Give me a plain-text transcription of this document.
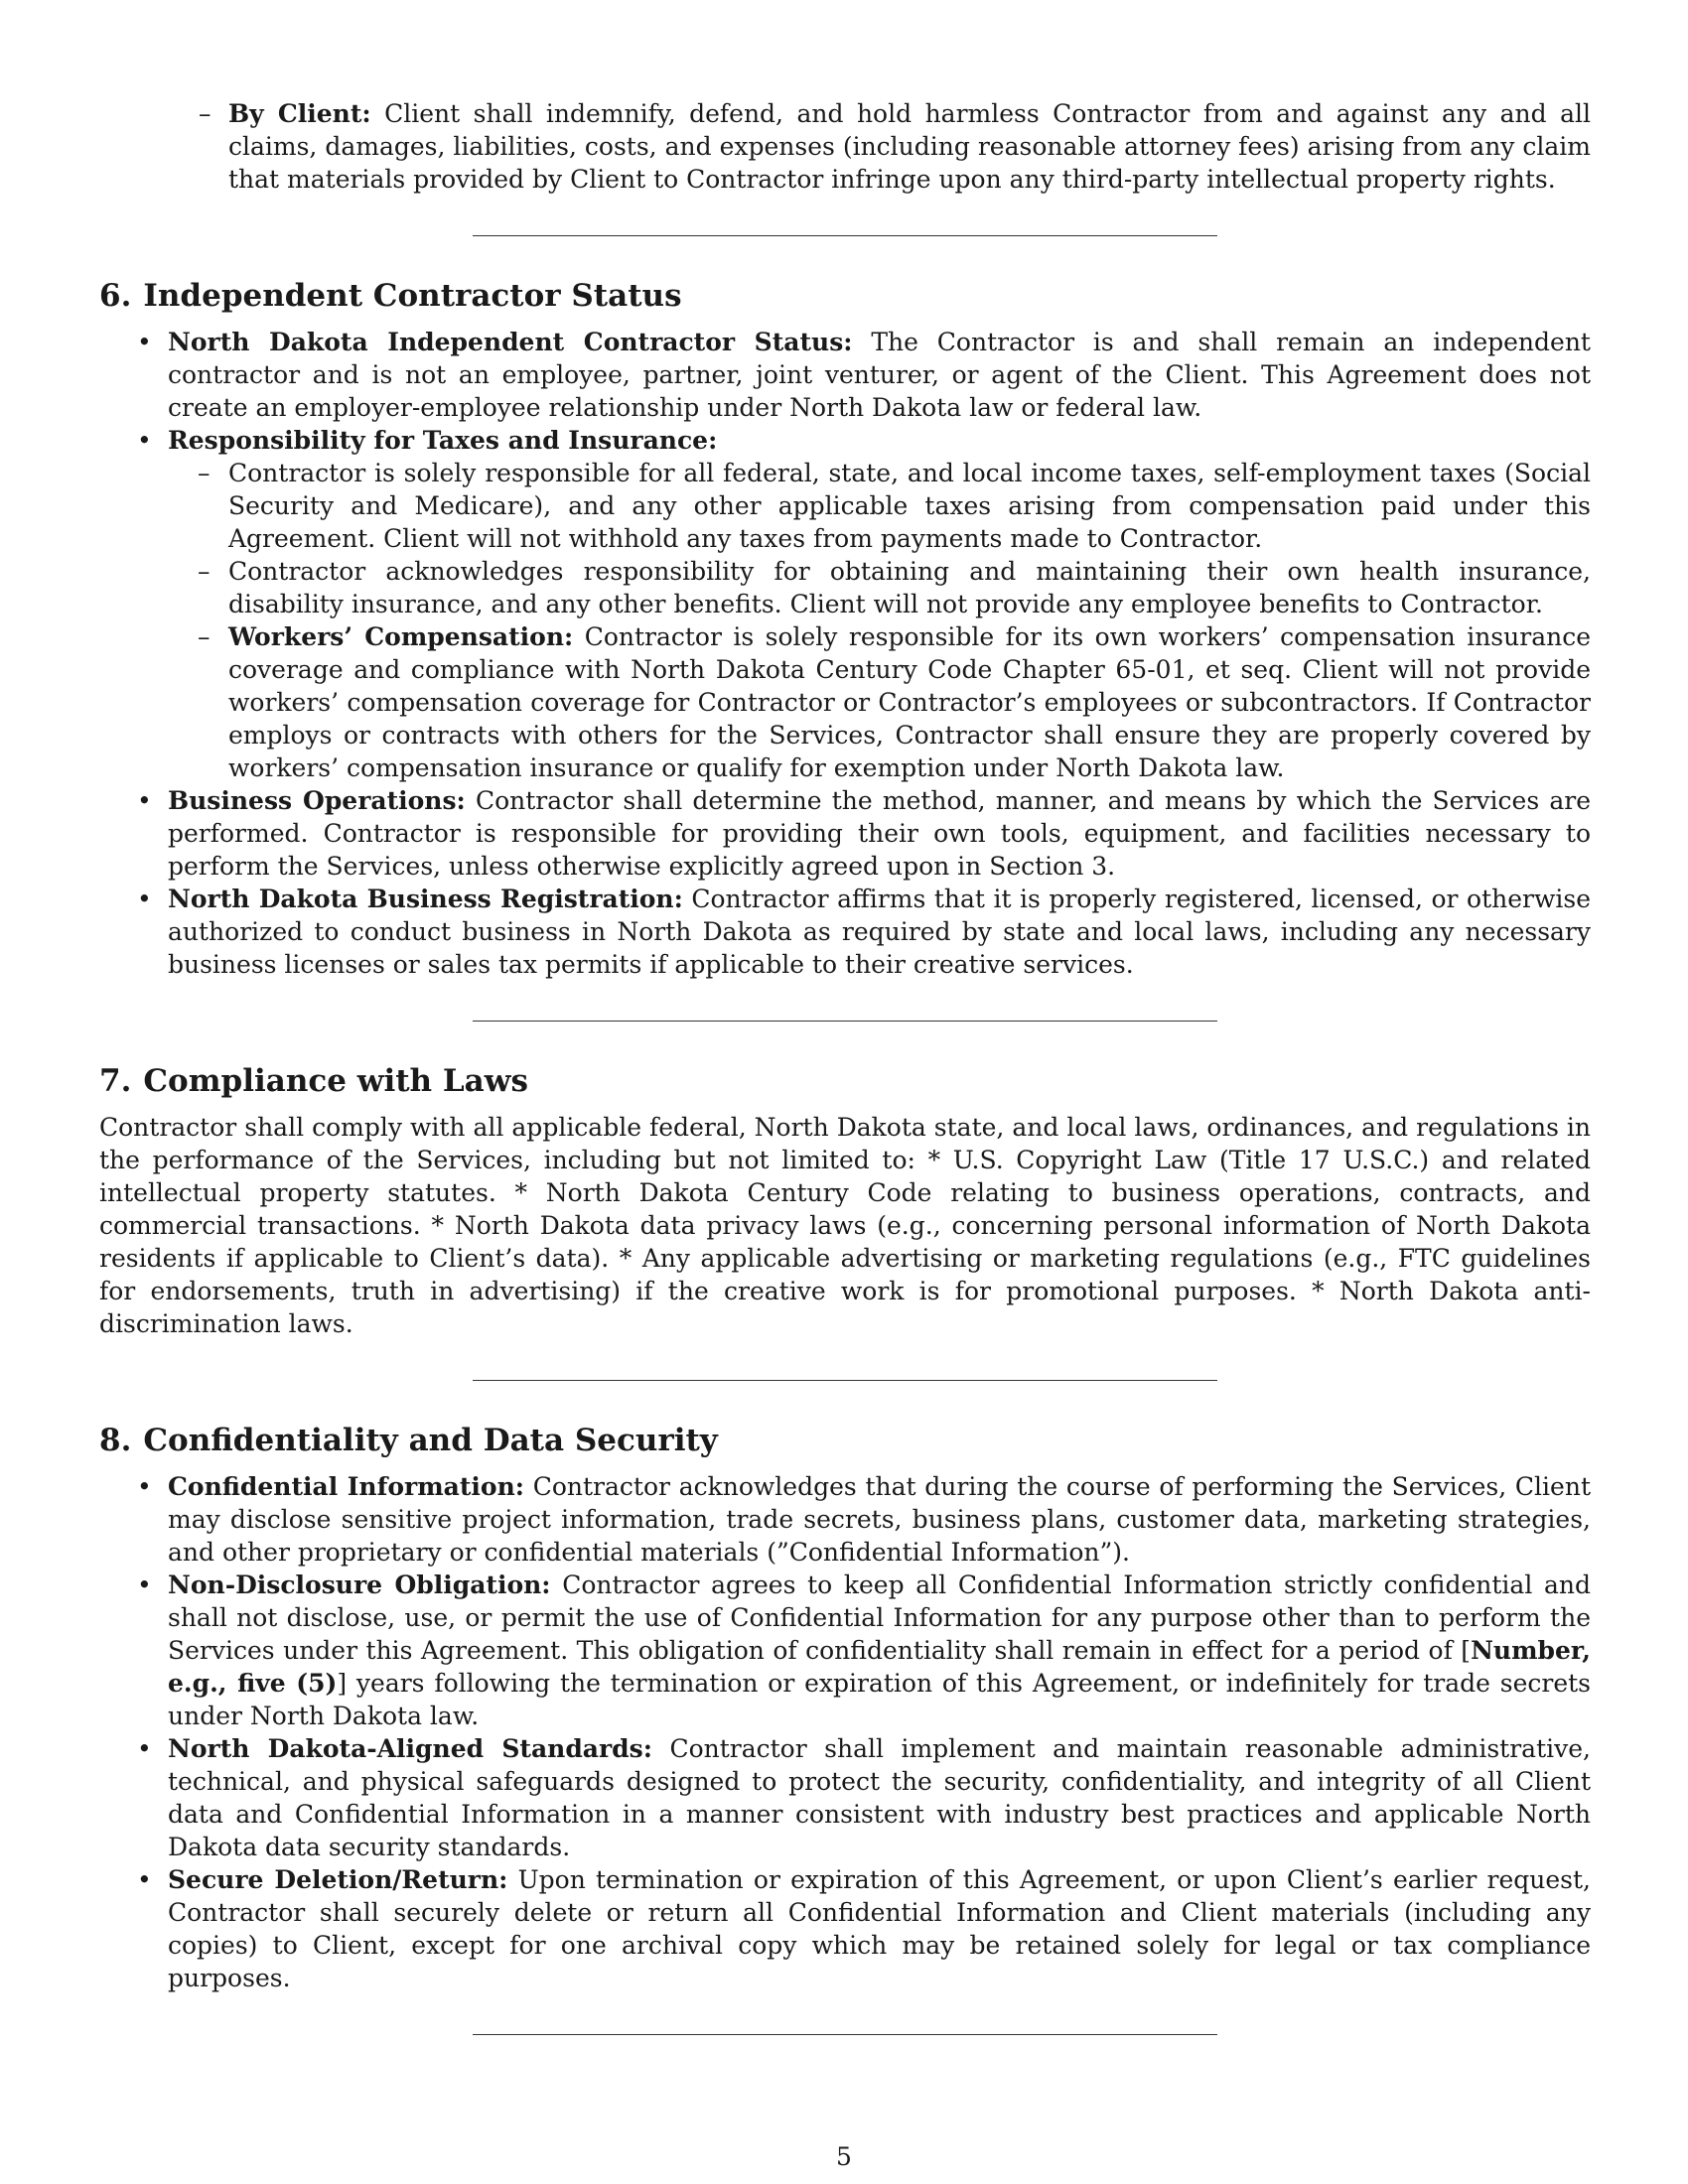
– By Client: Client shall indemnify, defend, and hold harmless Contractor from and against any and all claims, damages, liabilities, costs, and expenses (including reasonable attorney fees) arising from any claim that materials provided by Client to Contractor infringe upon any third-party intellectual property rights.
6. Independent Contractor Status
• North Dakota Independent Contractor Status: The Contractor is and shall remain an independent contractor and is not an employee, partner, joint venturer, or agent of the Client. This Agreement does not create an employer-employee relationship under North Dakota law or federal law.
• Responsibility for Taxes and Insurance:
– Contractor is solely responsible for all federal, state, and local income taxes, self-employment taxes (Social Security and Medicare), and any other applicable taxes arising from compensation paid under this Agreement. Client will not withhold any taxes from payments made to Contractor.
– Contractor acknowledges responsibility for obtaining and maintaining their own health insurance, disability insurance, and any other benefits. Client will not provide any employee benefits to Contractor.
– Workers’ Compensation: Contractor is solely responsible for its own workers’ compensation insurance coverage and compliance with North Dakota Century Code Chapter 65-01, et seq. Client will not provide workers’ compensation coverage for Contractor or Contractor’s employees or subcontractors. If Contractor employs or contracts with others for the Services, Contractor shall ensure they are properly covered by workers’ compensation insurance or qualify for exemption under North Dakota law.
• Business Operations: Contractor shall determine the method, manner, and means by which the Services are performed. Contractor is responsible for providing their own tools, equipment, and facilities necessary to perform the Services, unless otherwise explicitly agreed upon in Section 3.
• North Dakota Business Registration: Contractor affirms that it is properly registered, licensed, or otherwise authorized to conduct business in North Dakota as required by state and local laws, including any necessary business licenses or sales tax permits if applicable to their creative services.
7. Compliance with Laws

Contractor shall comply with all applicable federal, North Dakota state, and local laws, ordinances, and regulations in the performance of the Services, including but not limited to: * U.S. Copyright Law (Title 17 U.S.C.) and related intellectual property statutes. * North Dakota Century Code relating to business operations, contracts, and commercial transactions. * North Dakota data privacy laws (e.g., concerning personal information of North Dakota residents if applicable to Client’s data). * Any applicable advertising or marketing regulations (e.g., FTC guidelines for endorsements, truth in advertising) if the creative work is for promotional purposes. * North Dakota anti-discrimination laws.

8. Confidentiality and Data Security
• Confidential Information: Contractor acknowledges that during the course of performing the Services, Client may disclose sensitive project information, trade secrets, business plans, customer data, marketing strategies, and other proprietary or confidential materials (”Confidential Information”).
• Non-Disclosure Obligation: Contractor agrees to keep all Confidential Information strictly confidential and shall not disclose, use, or permit the use of Confidential Information for any purpose other than to perform the Services under this Agreement. This obligation of confidentiality shall remain in effect for a period of [Number, e.g., five (5)] years following the termination or expiration of this Agreement, or indefinitely for trade secrets under North Dakota law.
• North Dakota-Aligned Standards: Contractor shall implement and maintain reasonable administrative, technical, and physical safeguards designed to protect the security, confidentiality, and integrity of all Client data and Confidential Information in a manner consistent with industry best practices and applicable North Dakota data security standards.
• Secure Deletion/Return: Upon termination or expiration of this Agreement, or upon Client’s earlier request, Contractor shall securely delete or return all Confidential Information and Client materials (including any copies) to Client, except for one archival copy which may be retained solely for legal or tax compliance purposes.
5
